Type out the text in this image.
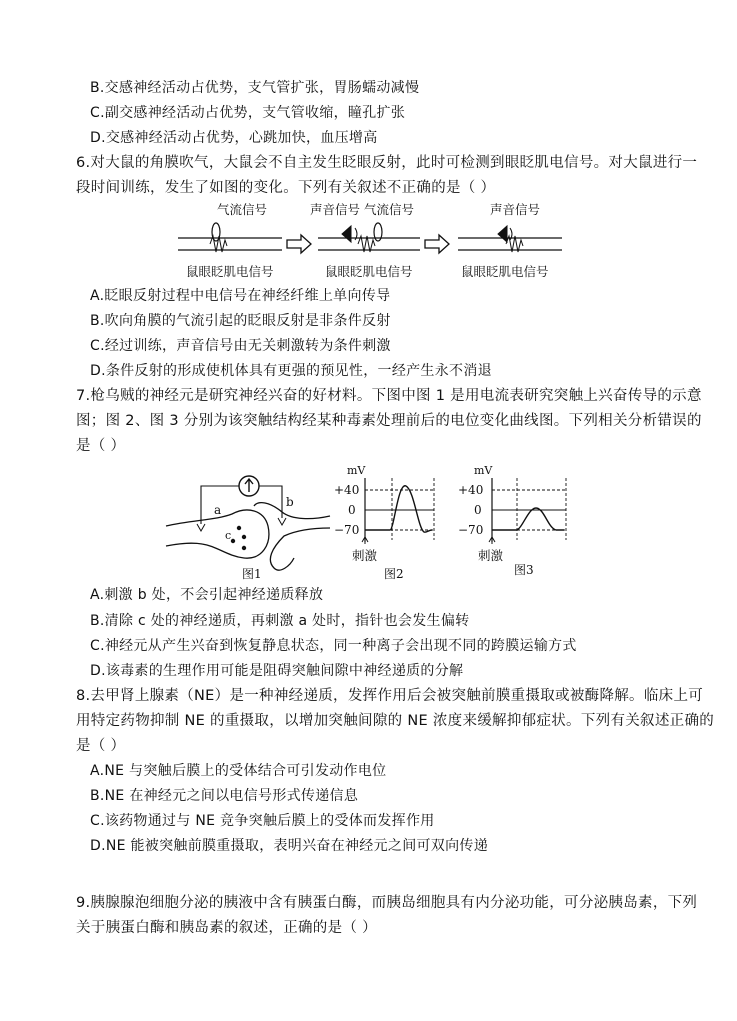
B.交感神经活动占优势，支气管扩张，胃肠蠕动减慢
C.副交感神经活动占优势，支气管收缩，瞳孔扩张
D.交感神经活动占优势，心跳加快，血压增高
6.对大鼠的角膜吹气，大鼠会不自主发生眨眼反射，此时可检测到眼眨肌电信号。对大鼠进行一
段时间训练，发生了如图的变化。下列有关叙述不正确的是（ ）
气流信号
鼠眼眨肌电信号
声音信号 气流信号
鼠眼眨肌电信号
声音信号
鼠眼眨肌电信号
A.眨眼反射过程中电信号在神经纤维上单向传导
B.吹向角膜的气流引起的眨眼反射是非条件反射
C.经过训练，声音信号由无关刺激转为条件刺激
D.条件反射的形成使机体具有更强的预见性，一经产生永不消退
7.枪乌贼的神经元是研究神经兴奋的好材料。下图中图 1 是用电流表研究突触上兴奋传导的示意
图；图 2、图 3 分别为该突触结构经某种毒素处理前后的电位变化曲线图。下列相关分析错误的
是（ ）
a
b
c
图1
mV
+40
0
−70
刺激
图2
mV
+40
0
−70
刺激
图3
A.刺激 b 处，不会引起神经递质释放
B.清除 c 处的神经递质，再刺激 a 处时，指针也会发生偏转
C.神经元从产生兴奋到恢复静息状态，同一种离子会出现不同的跨膜运输方式
D.该毒素的生理作用可能是阻碍突触间隙中神经递质的分解
8.去甲肾上腺素（NE）是一种神经递质，发挥作用后会被突触前膜重摄取或被酶降解。临床上可
用特定药物抑制 NE 的重摄取，以增加突触间隙的 NE 浓度来缓解抑郁症状。下列有关叙述正确的
是（ ）
A.NE 与突触后膜上的受体结合可引发动作电位
B.NE 在神经元之间以电信号形式传递信息
C.该药物通过与 NE 竞争突触后膜上的受体而发挥作用
D.NE 能被突触前膜重摄取，表明兴奋在神经元之间可双向传递
9.胰腺腺泡细胞分泌的胰液中含有胰蛋白酶，而胰岛细胞具有内分泌功能，可分泌胰岛素，下列
关于胰蛋白酶和胰岛素的叙述，正确的是（ ）
